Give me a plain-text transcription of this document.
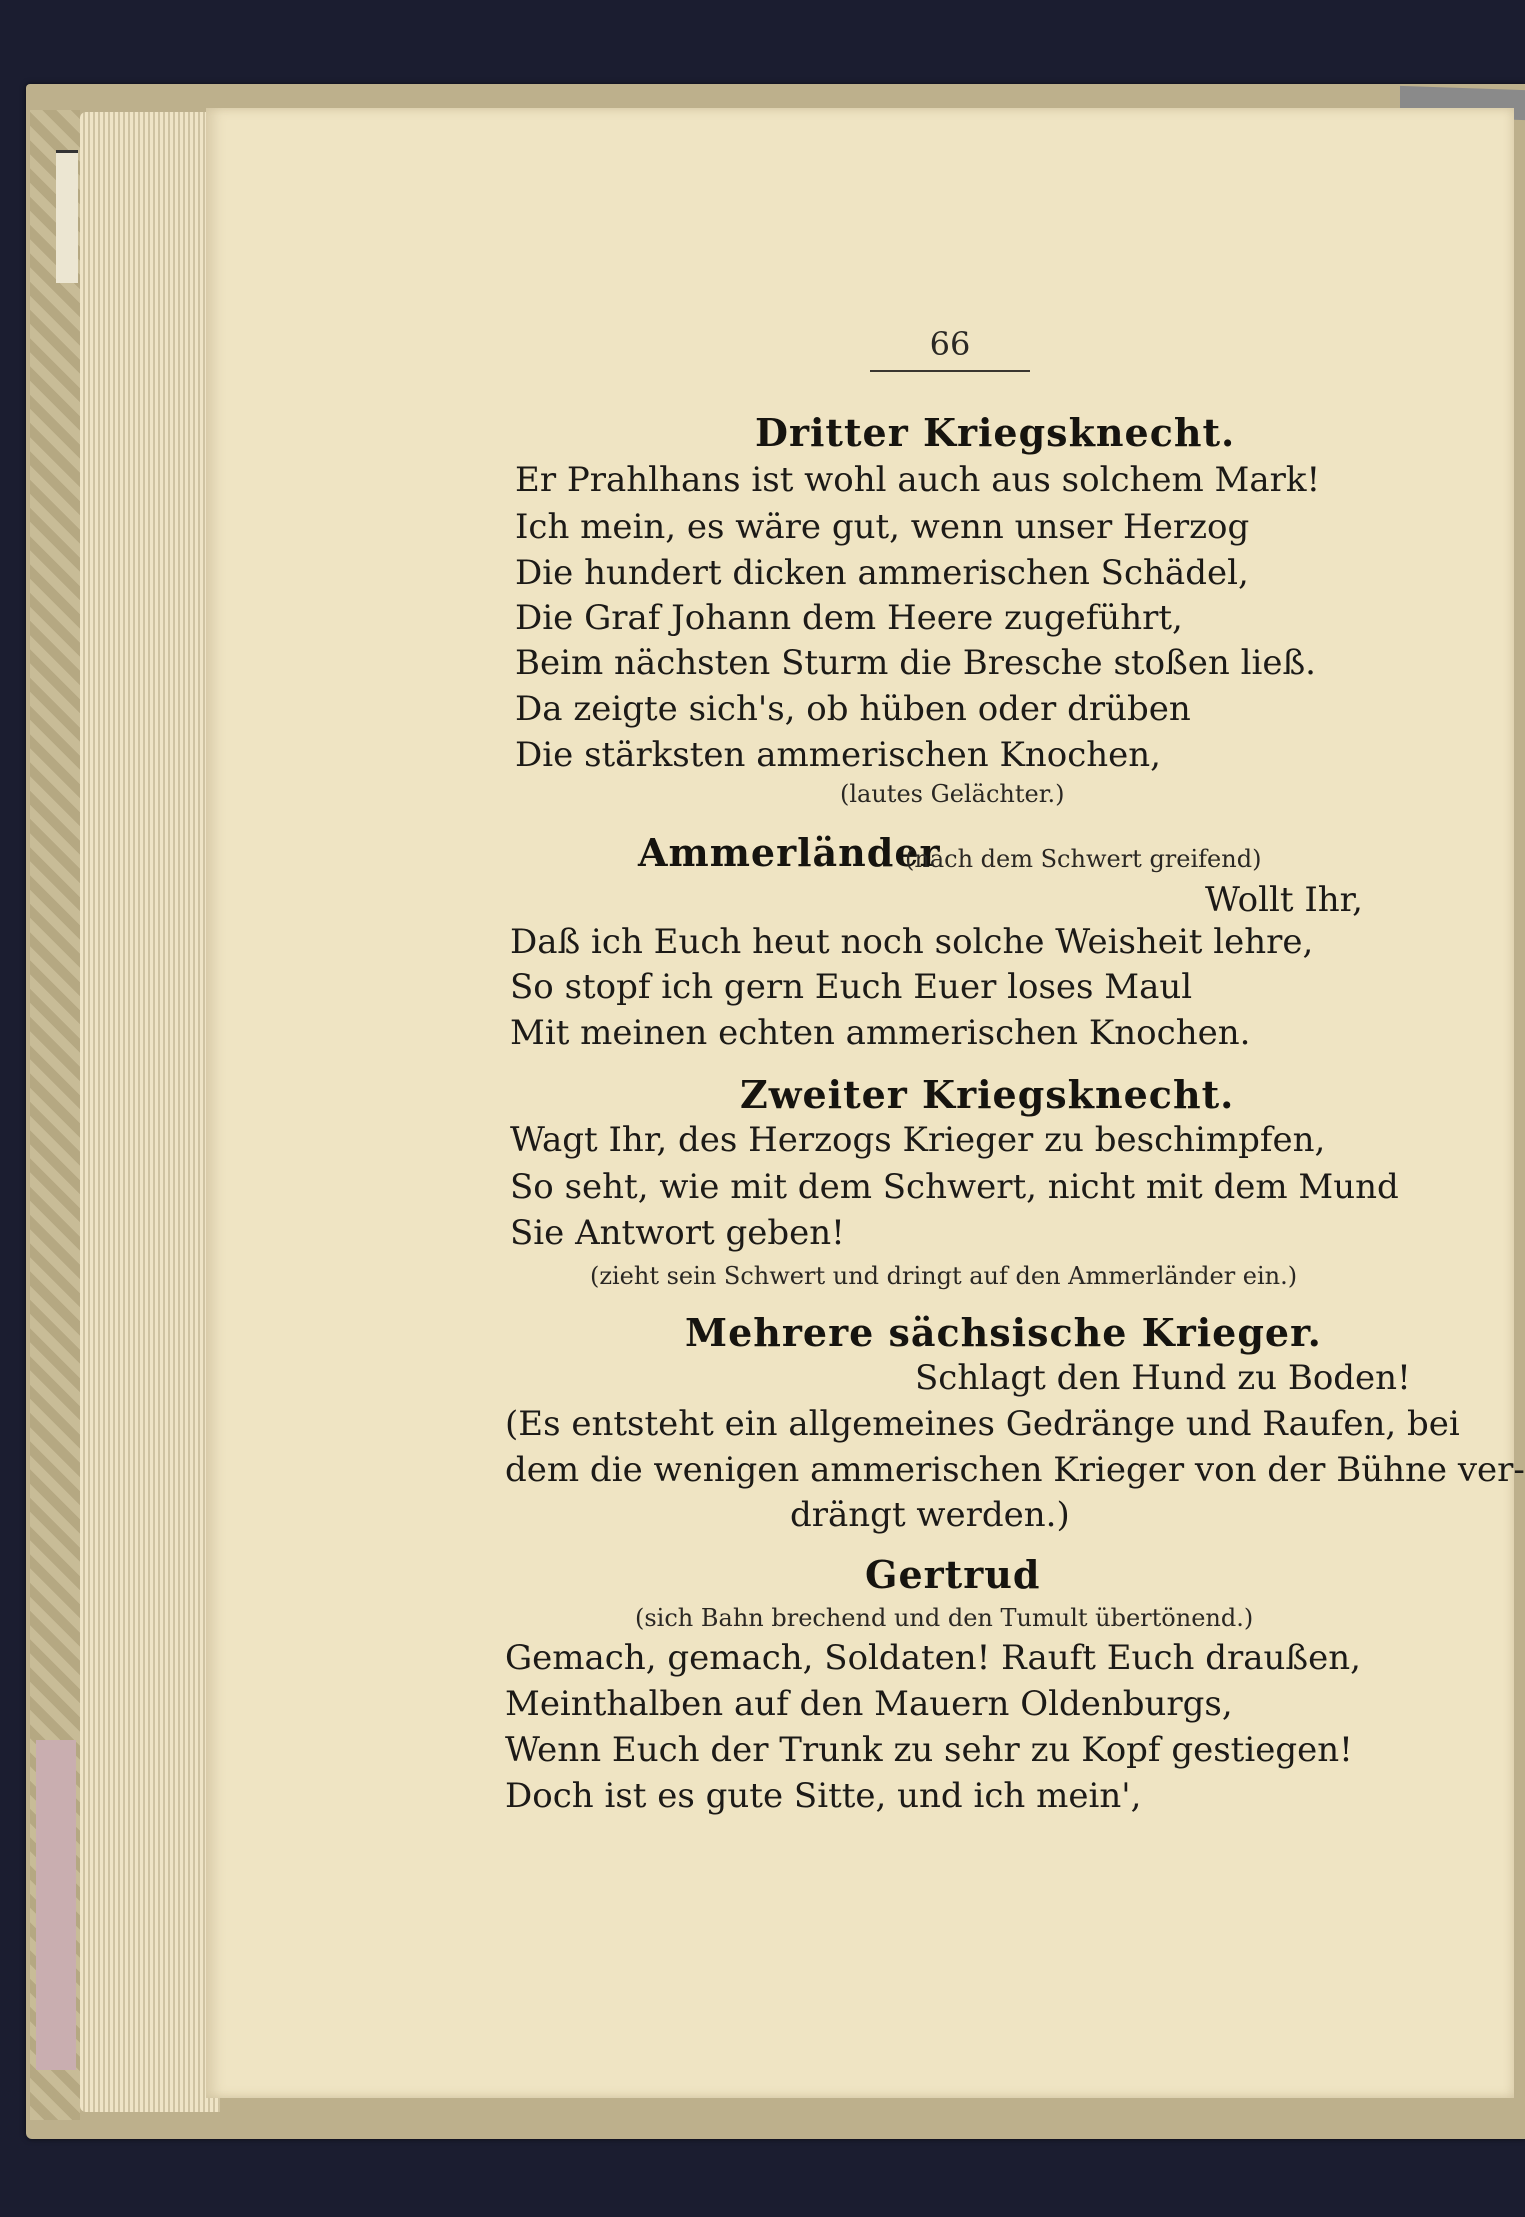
66
Dritter Kriegsknecht.
Er Prahlhans ist wohl auch aus solchem Mark!
Ich mein, es wäre gut, wenn unser Herzog
Die hundert dicken ammerischen Schädel,
Die Graf Johann dem Heere zugeführt,
Beim nächsten Sturm die Bresche stoßen ließ.
Da zeigte sich's, ob hüben oder drüben
Die stärksten ammerischen Knochen,
(lautes Gelächter.)
Ammerländer
(nach dem Schwert greifend)
Wollt Ihr,
Daß ich Euch heut noch solche Weisheit lehre,
So stopf ich gern Euch Euer loses Maul
Mit meinen echten ammerischen Knochen.
Zweiter Kriegsknecht.
Wagt Ihr, des Herzogs Krieger zu beschimpfen,
So seht, wie mit dem Schwert, nicht mit dem Mund
Sie Antwort geben!
(zieht sein Schwert und dringt auf den Ammerländer ein.)
Mehrere sächsische Krieger.
Schlagt den Hund zu Boden!
(Es entsteht ein allgemeines Gedränge und Raufen, bei
dem die wenigen ammerischen Krieger von der Bühne ver-
drängt werden.)
Gertrud
(sich Bahn brechend und den Tumult übertönend.)
Gemach, gemach, Soldaten! Rauft Euch draußen,
Meinthalben auf den Mauern Oldenburgs,
Wenn Euch der Trunk zu sehr zu Kopf gestiegen!
Doch ist es gute Sitte, und ich mein',
